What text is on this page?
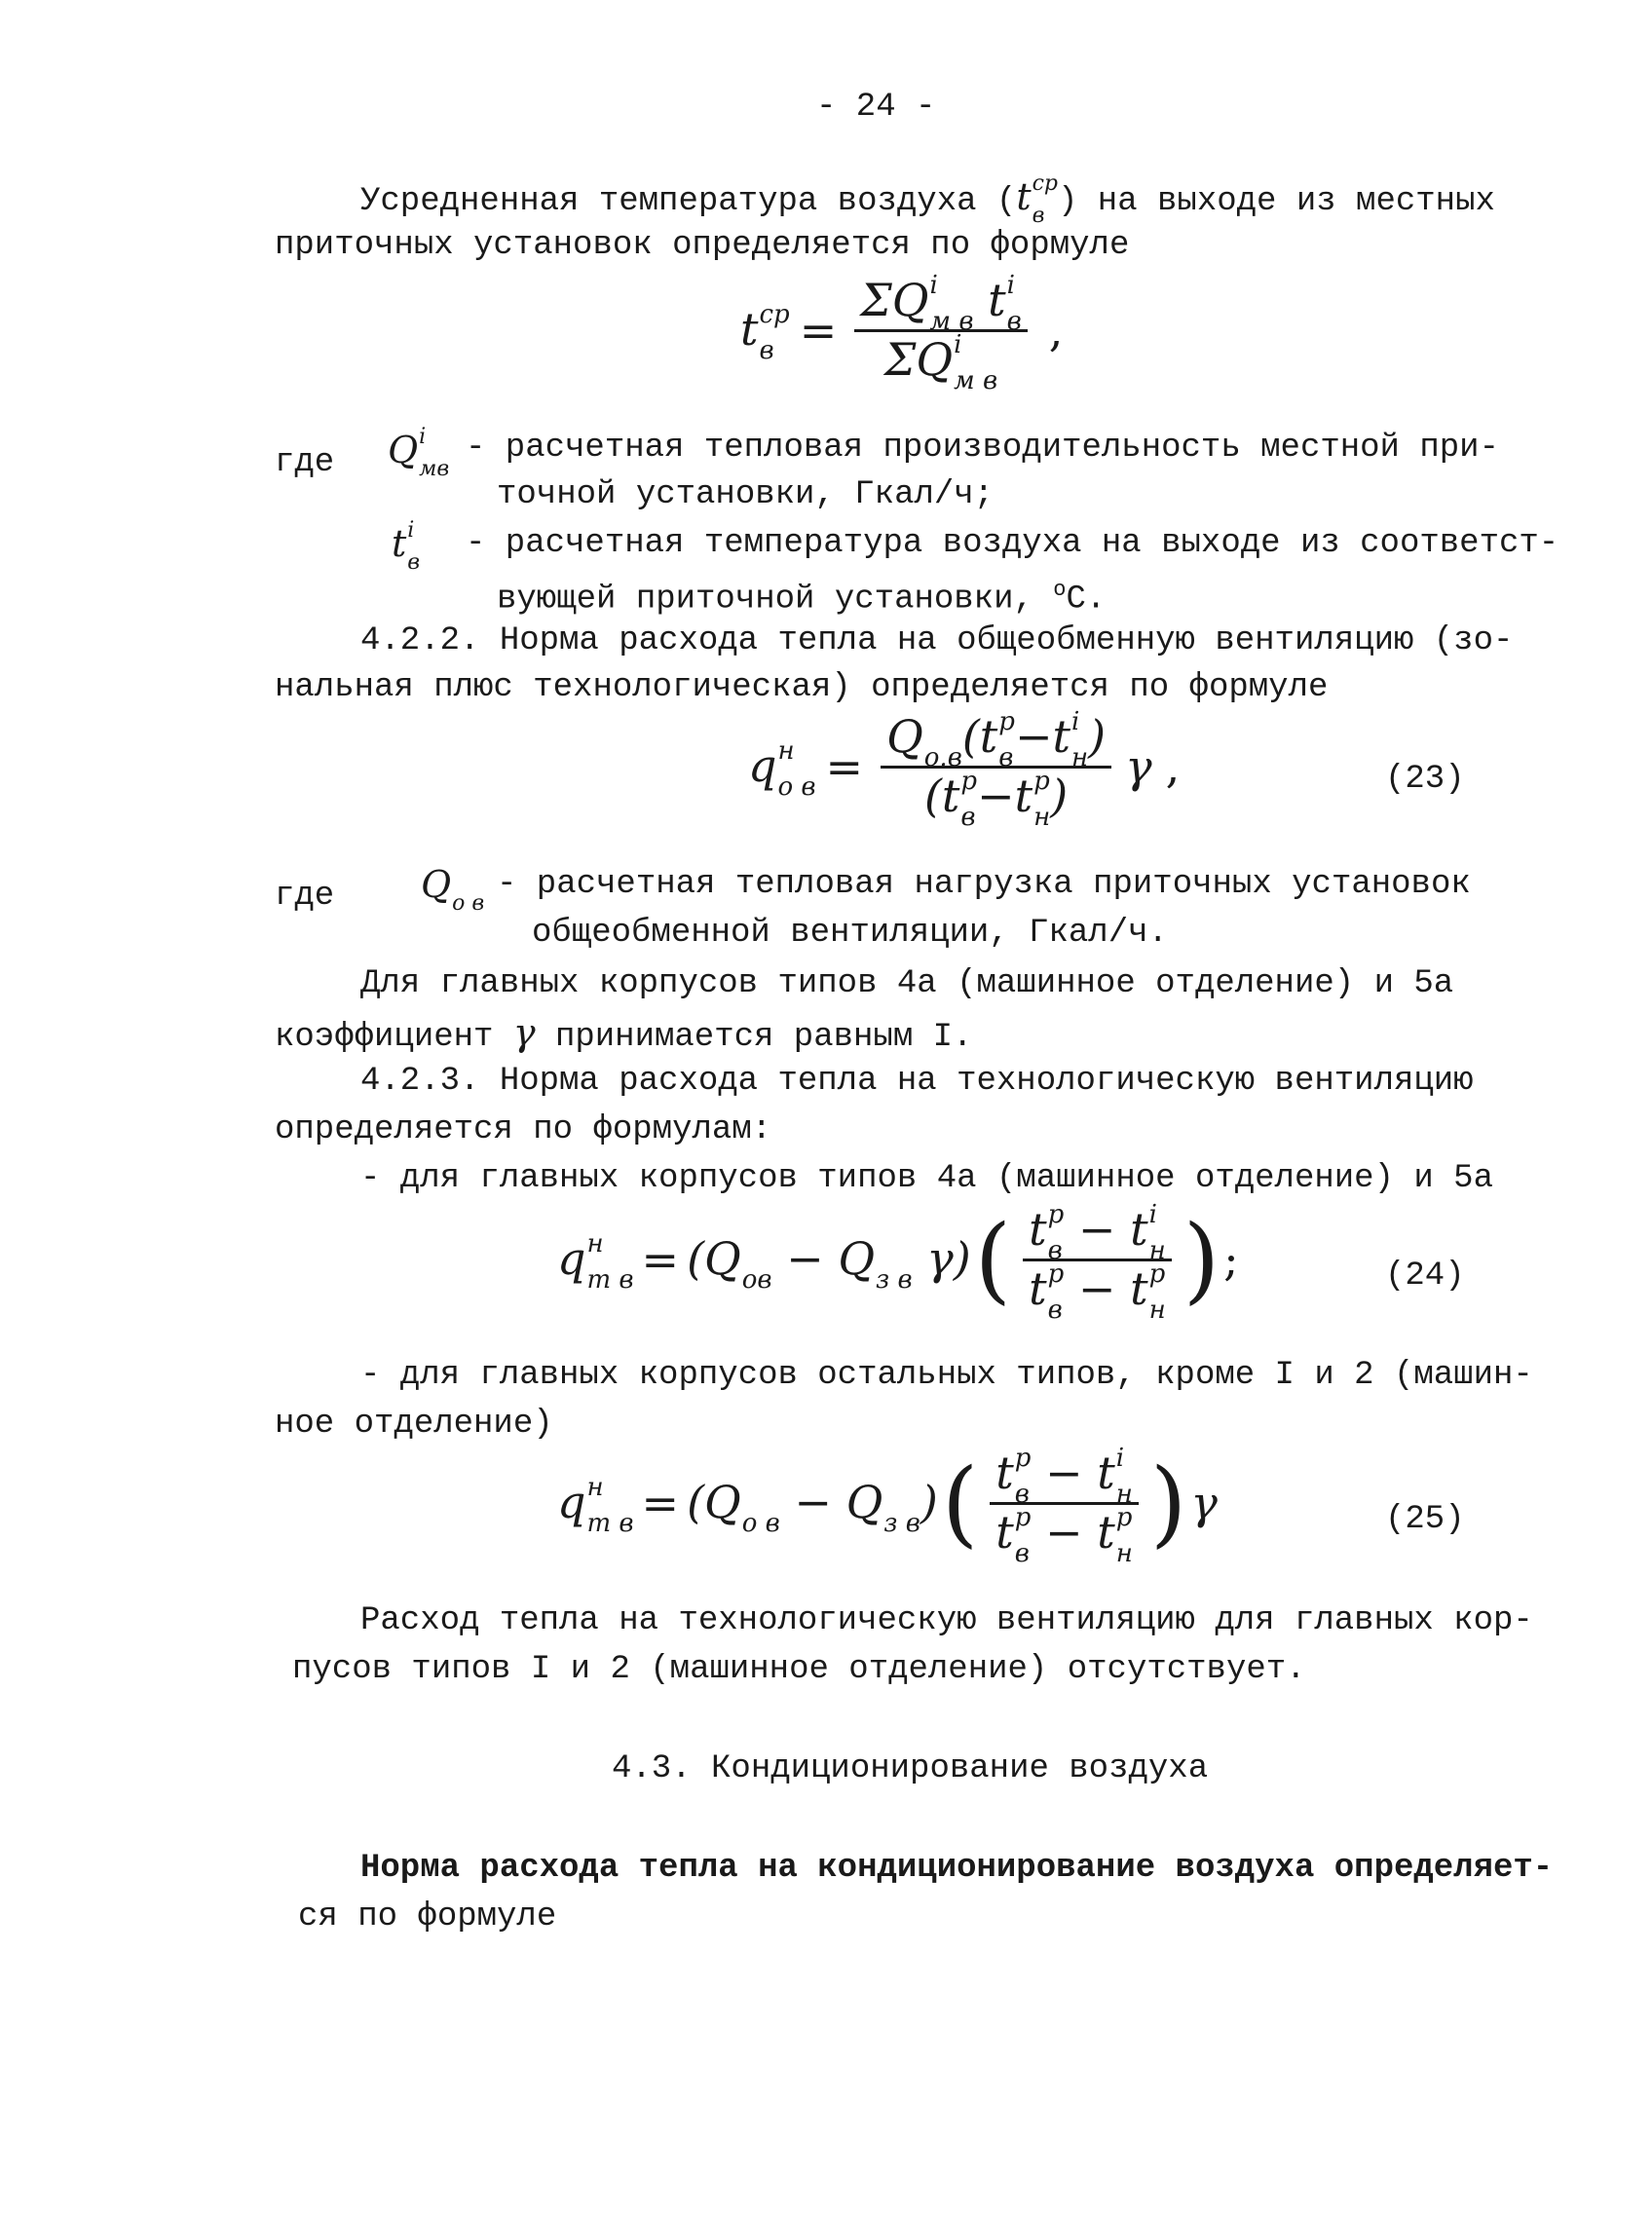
- 24 -
Усредненная температура воздуха (t ср
в ) на выходе из местных
приточных установок определяется по формуле
t ср
в = ΣQ i
м в t i
в
ΣQ i
м в ,
где Q i
мв
- расчетная тепловая производительность местной при-
точной установки, Гкал/ч;
t i
в - расчетная температура воздуха на выходе из соответст-
вующей приточной установки, $^о$С.
4.2.2. Норма расхода тепла на общеобменную вентиляцию (зо-
нальная плюс технологическая) определяется по формуле
q н
о в = Q
о.в (t р
в −t i
н )
(t р
в −t р
н ) γ ,	(23)
где Q
о в - расчетная тепловая нагрузка приточных установок
общеобменной вентиляции, Гкал/ч.
Для главных корпусов типов 4а (машинное отделение) и 5а
коэффициент γ принимается равным I.
4.2.3. Норма расхода тепла на технологическую вентиляцию
определяется по формулам:
- для главных корпусов типов 4а (машинное отделение) и 5а
q н
т в = (Q
ов − Q
з в γ) ( t р
в − t i
н
t р
в − t р
н ) ;	(24)
- для главных корпусов остальных типов, кроме I и 2 (машин-
ное отделение)
q н
т в = (Q
о в − Q
з в ) ( t р
в − t i
н
t р
в − t р
н ) γ	(25)
Расход тепла на технологическую вентиляцию для главных кор-
пусов типов I и 2 (машинное отделение) отсутствует.
4.3. Кондиционирование воздуха
Норма расхода тепла на кондиционирование воздуха определяет-
ся по формуле
